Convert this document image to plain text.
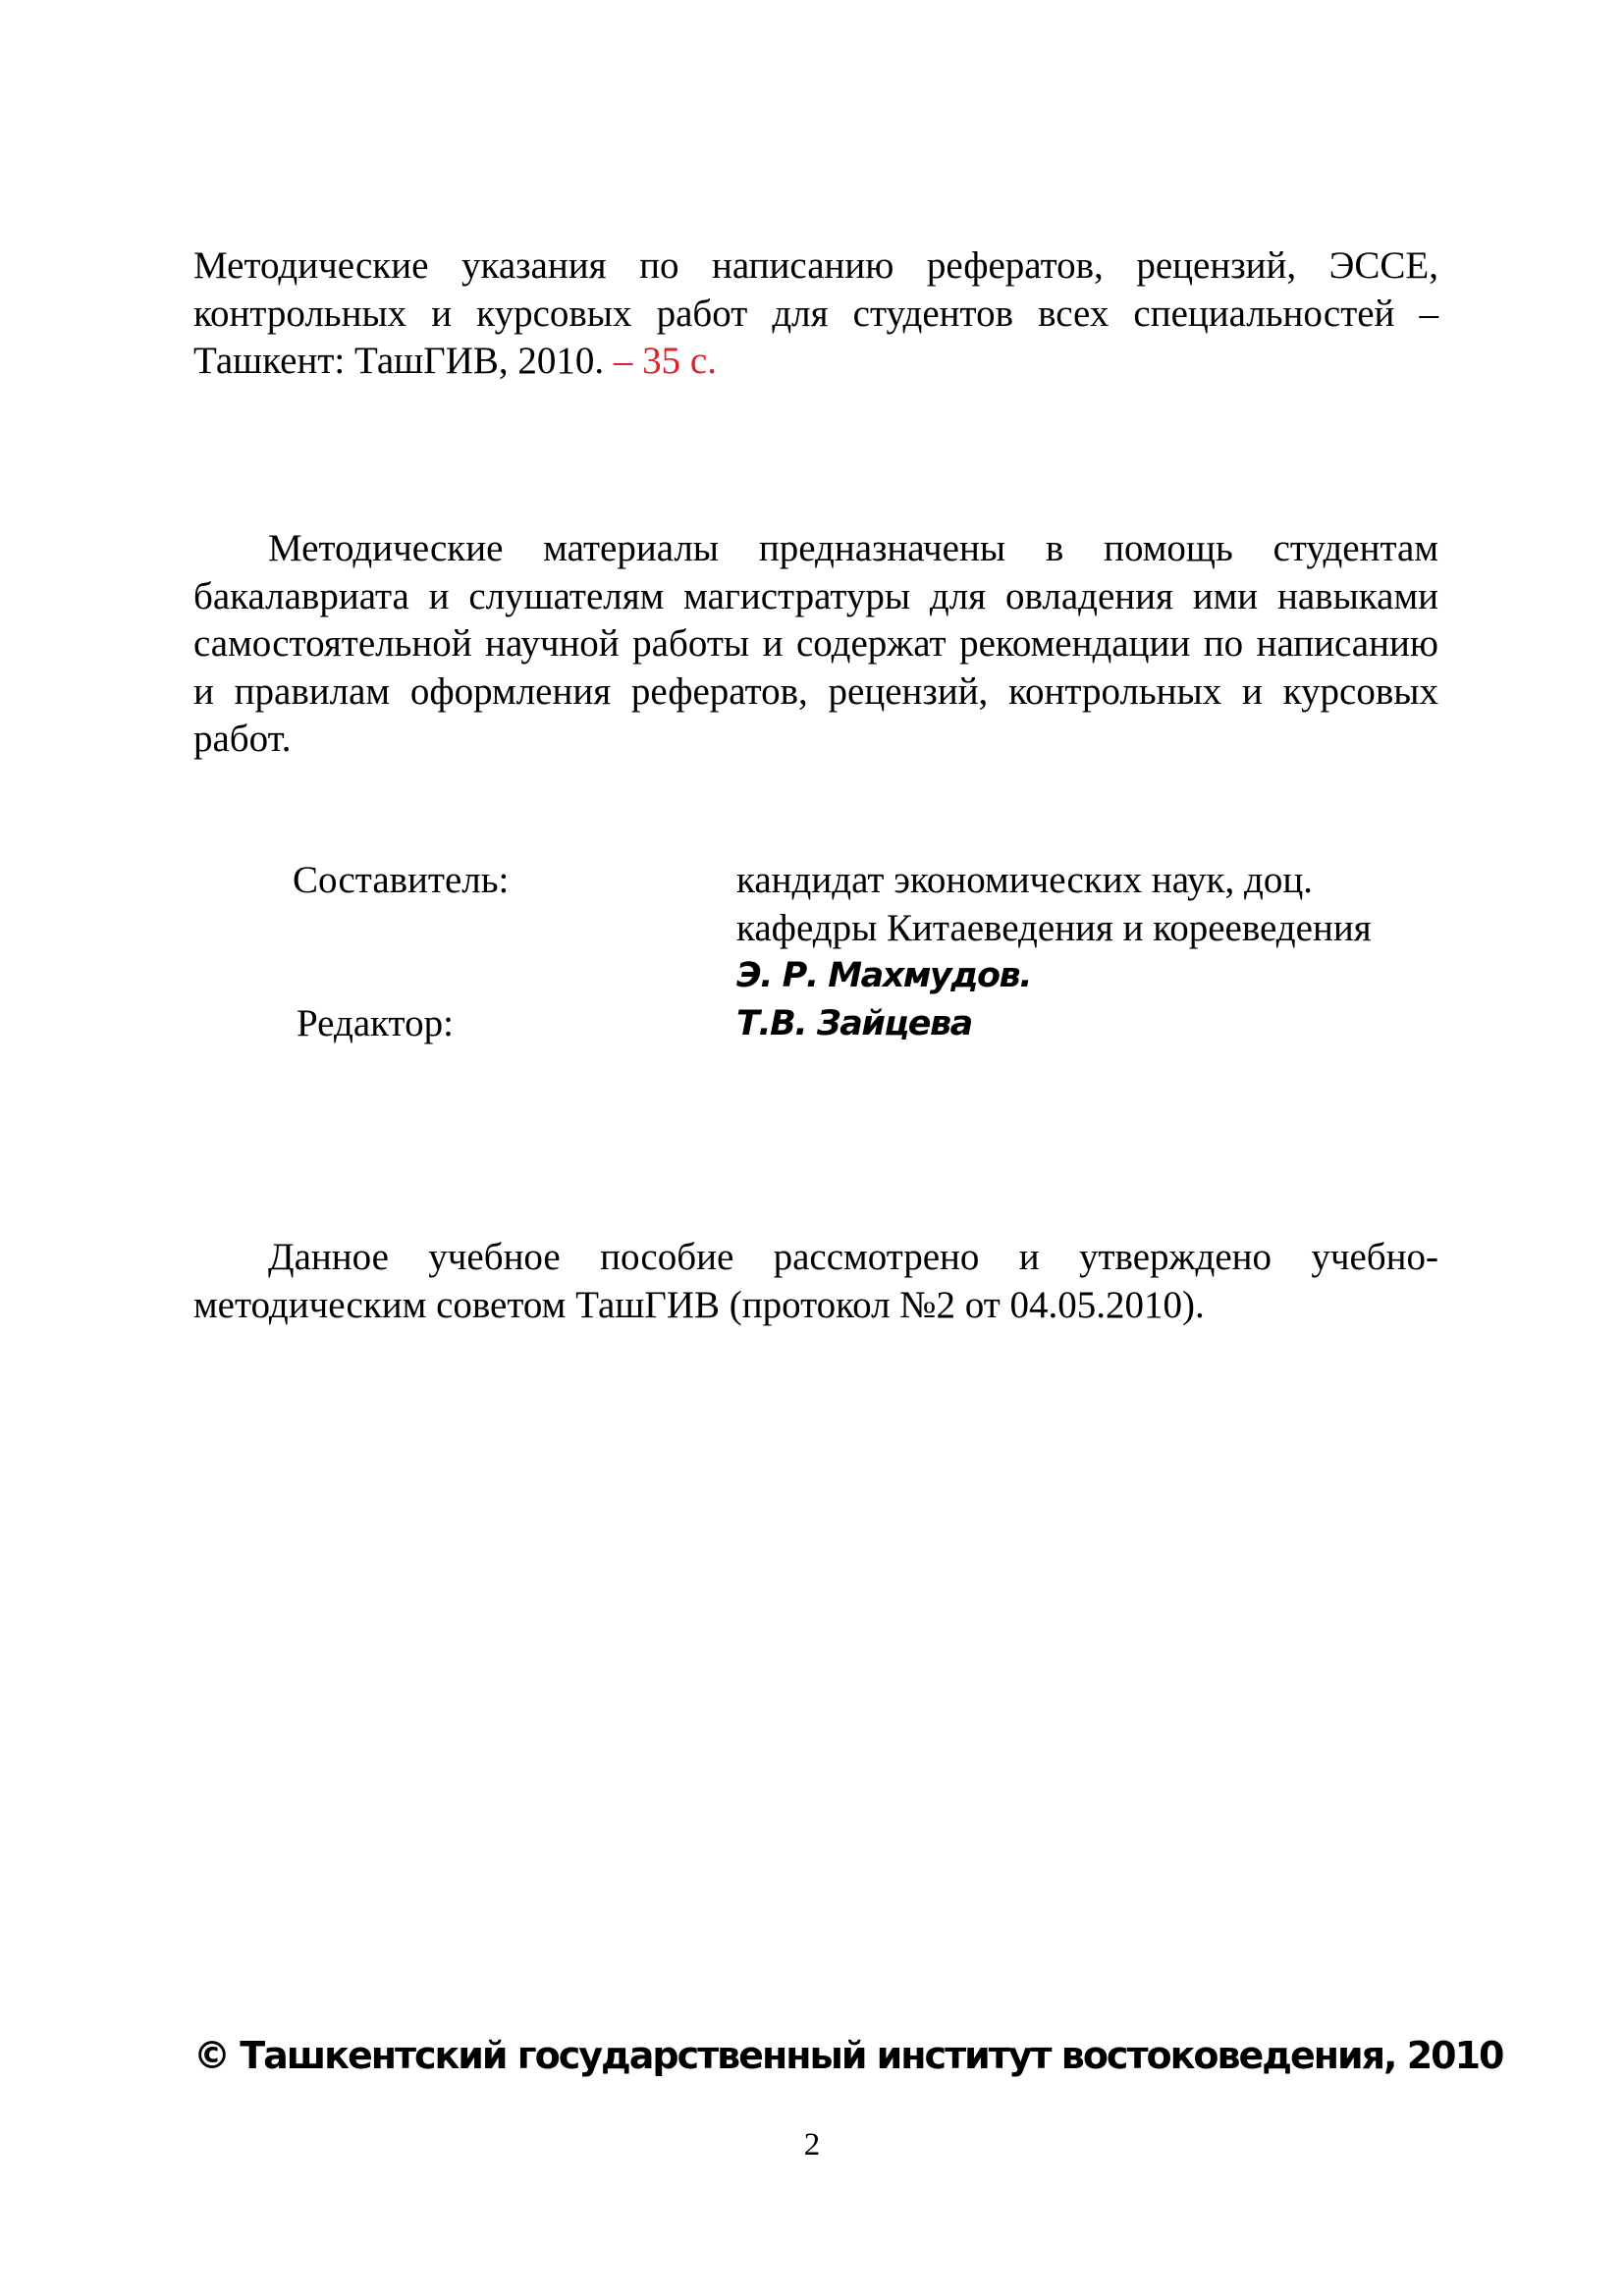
Методические указания по написанию рефератов, рецензий, ЭССЕ, контрольных и курсовых работ для студентов всех специальностей – Ташкент: ТашГИВ, 2010. – 35 с.

Методические материалы предназначены в помощь студентам бакалавриата и слушателям магистратуры для овладения ими навыками самостоятельной научной работы и содержат рекомендации по написанию и правилам оформления рефератов, рецензий, контрольных и курсовых работ.

Составитель:	кандидат экономических наук, доц.
кафедры Китаеведения и корееведения
Э. Р. Махмудов.
Редактор:	Т.В. Зайцева

Данное учебное пособие рассмотрено и утверждено учебно-методическим советом ТашГИВ (протокол №2 от 04.05.2010).

© Ташкентский государственный институт востоковедения, 2010
2
